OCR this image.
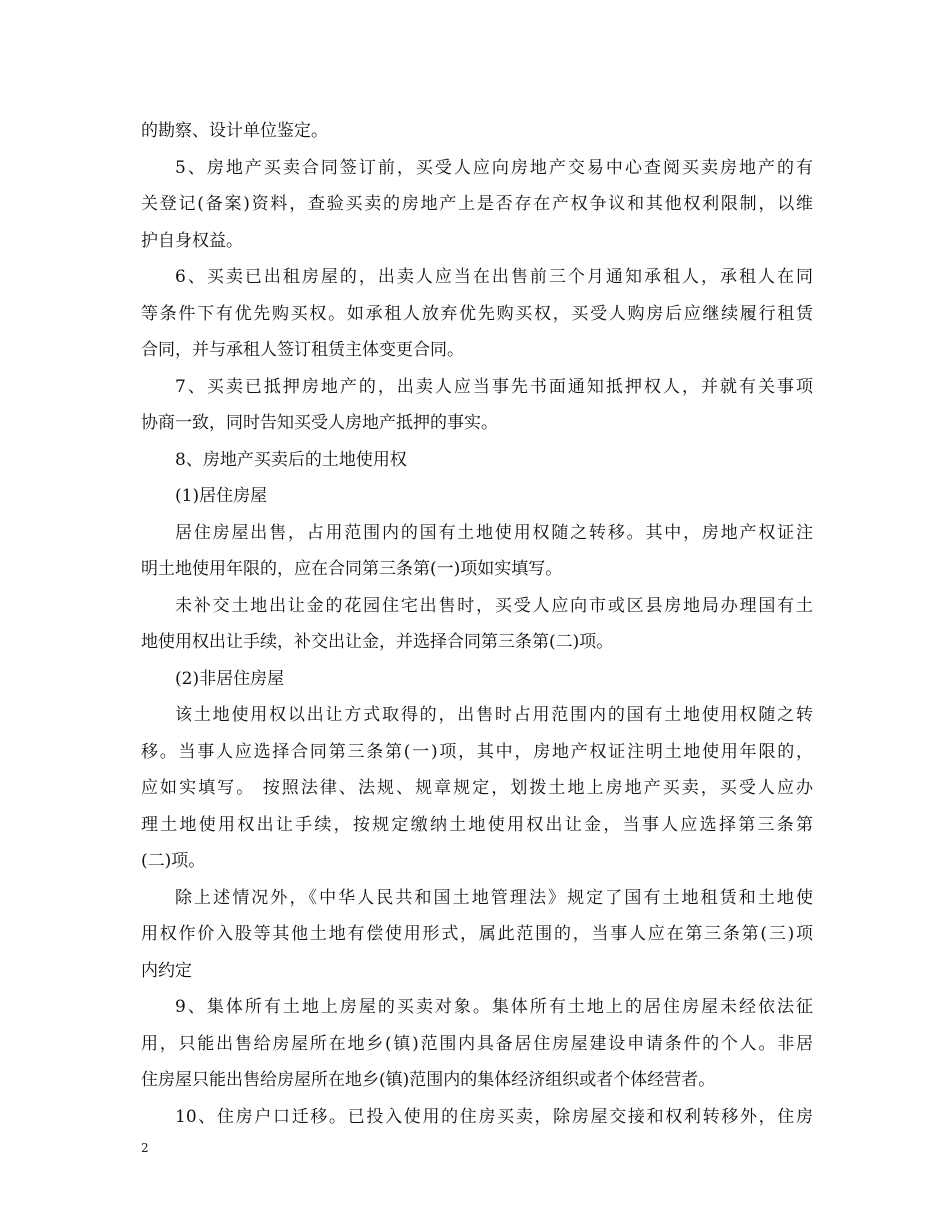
的勘察、设计单位鉴定。
5、房地产买卖合同签订前，买受人应向房地产交易中心查阅买卖房地产的有
关登记(备案)资料，查验买卖的房地产上是否存在产权争议和其他权利限制，以维
护自身权益。
6、买卖已出租房屋的，出卖人应当在出售前三个月通知承租人，承租人在同
等条件下有优先购买权。如承租人放弃优先购买权，买受人购房后应继续履行租赁
合同，并与承租人签订租赁主体变更合同。
7、买卖已抵押房地产的，出卖人应当事先书面通知抵押权人，并就有关事项
协商一致，同时告知买受人房地产抵押的事实。
8、房地产买卖后的土地使用权
(1)居住房屋
居住房屋出售，占用范围内的国有土地使用权随之转移。其中，房地产权证注
明土地使用年限的，应在合同第三条第(一)项如实填写。
未补交土地出让金的花园住宅出售时，买受人应向市或区县房地局办理国有土
地使用权出让手续，补交出让金，并选择合同第三条第(二)项。
(2)非居住房屋
该土地使用权以出让方式取得的，出售时占用范围内的国有土地使用权随之转
移。当事人应选择合同第三条第(一)项，其中，房地产权证注明土地使用年限的，
应如实填写。 按照法律、法规、规章规定，划拨土地上房地产买卖，买受人应办
理土地使用权出让手续，按规定缴纳土地使用权出让金，当事人应选择第三条第
(二)项。
除上述情况外，《中华人民共和国土地管理法》规定了国有土地租赁和土地使
用权作价入股等其他土地有偿使用形式，属此范围的，当事人应在第三条第(三)项
内约定
9、集体所有土地上房屋的买卖对象。集体所有土地上的居住房屋未经依法征
用，只能出售给房屋所在地乡(镇)范围内具备居住房屋建设申请条件的个人。非居
住房屋只能出售给房屋所在地乡(镇)范围内的集体经济组织或者个体经营者。
10、住房户口迁移。已投入使用的住房买卖，除房屋交接和权利转移外，住房
2
